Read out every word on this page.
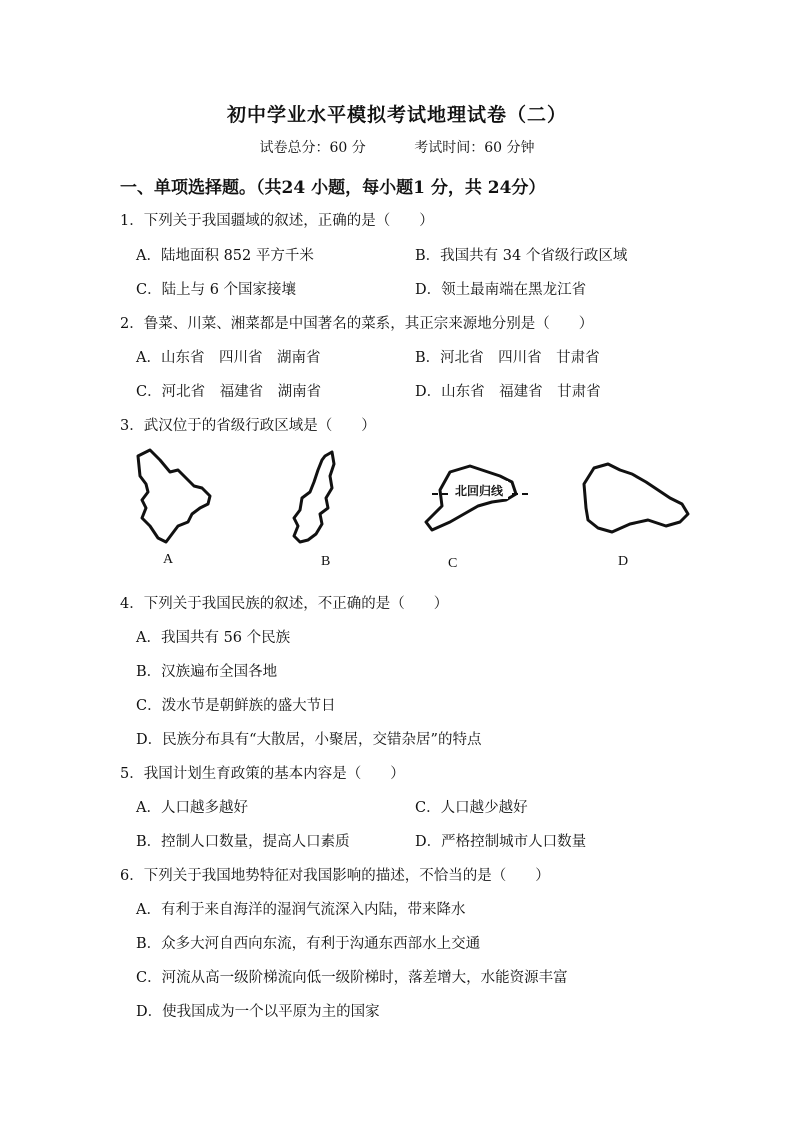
初中学业水平模拟考试地理试卷（二）
试卷总分：60 分	考试时间：60 分钟
一、单项选择题。（共24 小题，每小题1 分，共 24分）
1．下列关于我国疆域的叙述，正确的是（　　）
A．陆地面积 852 平方千米	B．我国共有 34 个省级行政区域
C．陆上与 6 个国家接壤	D．领土最南端在黑龙江省
2．鲁菜、川菜、湘菜都是中国著名的菜系，其正宗来源地分别是（　　）
A．山东省　四川省　湖南省	B．河北省　四川省　甘肃省
C．河北省　福建省　湖南省	D．山东省　福建省　甘肃省
3．武汉位于的省级行政区域是（　　）
北回归线
A	B	C	D
4．下列关于我国民族的叙述，不正确的是（　　）
A．我国共有 56 个民族
B．汉族遍布全国各地
C．泼水节是朝鲜族的盛大节日
D．民族分布具有“大散居，小聚居，交错杂居”的特点
5．我国计划生育政策的基本内容是（　　）
A．人口越多越好	C．人口越少越好
B．控制人口数量，提高人口素质	D．严格控制城市人口数量
6．下列关于我国地势特征对我国影响的描述，不恰当的是（　　）
A．有利于来自海洋的湿润气流深入内陆，带来降水
B．众多大河自西向东流，有利于沟通东西部水上交通
C．河流从高一级阶梯流向低一级阶梯时，落差增大，水能资源丰富
D．使我国成为一个以平原为主的国家
